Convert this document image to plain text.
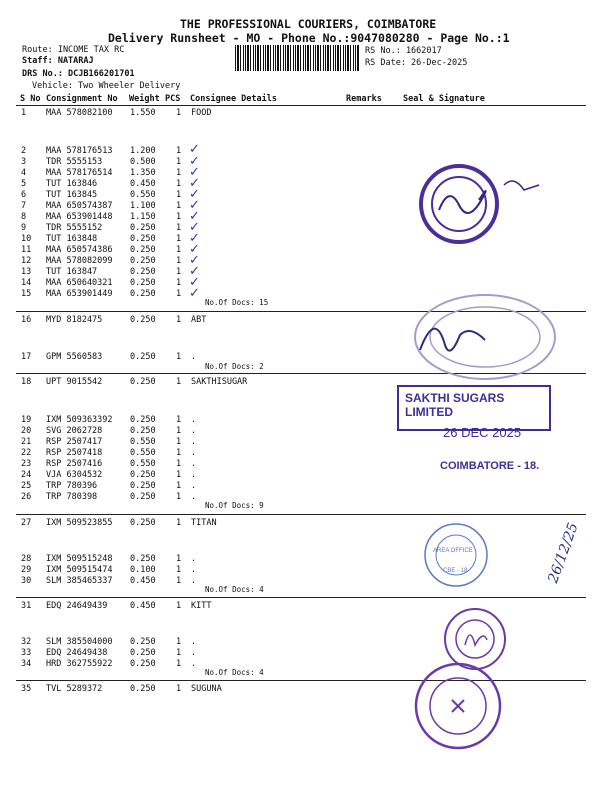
THE PROFESSIONAL COURIERS, COIMBATORE
Delivery Runsheet - MO - Phone No.:9047080280 - Page No.:1
Route: INCOME TAX RC
Staff: NATARAJ
DRS No.: DCJB166201701
Vehicle: Two Wheeler Delivery
RS No.: 1662017
RS Date: 26-Dec-2025
S No Consignment No Weight PCS Consignee Details	Remarks Seal & Signature
1 MAA 578082100 1.550 1 FOOD
2 MAA 578176513 1.200 1
3 TDR 5555153	0.500 1
4 MAA 578176514 1.350 1
5 TUT 163846	0.450 1
6 TUT 163845	0.550 1
7 MAA 650574387 1.100 1
8 MAA 653901448 1.150 1
9 TDR 5555152	0.250 1
10 TUT 163848	0.250 1
11 MAA 650574386 0.250 1
12 MAA 578082099 0.250 1
13 TUT 163847	0.250 1
14 MAA 650640321 0.250 1
15 MAA 653901449 0.250 1
16 MYD 8182475	0.250 1 ABT
17 GPM 5560583	0.250 1 .
18 UPT 9015542	0.250 1 SAKTHISUGAR
19 IXM 509363392 0.250 1 .
20 SVG 2062728	0.250 1 .
21 RSP 2507417	0.550 1 .
22 RSP 2507418	0.550 1 .
23 RSP 2507416	0.550 1 .
24 VJA 6304532	0.250 1 .
25 TRP 780396	0.250 1 .
26 TRP 780398	0.250 1 .
27 IXM 509523855 0.250 1 TITAN
28 IXM 509515248 0.250 1 .
29 IXM 509515474 0.100 1 .
30 SLM 385465337 0.450 1 .
31 EDQ 24649439	0.450 1 KITT
32 SLM 385504000 0.250 1 .
33 EDQ 24649438	0.250 1 .
34 HRD 362755922 0.250 1 .
35 TVL 5289372	0.250 1 SUGUNA
No.Of Docs: 15
No.Of Docs: 2
No.Of Docs: 9
No.Of Docs: 4
No.Of Docs: 4
✓
✓
✓
✓
✓
✓
✓
✓
✓
✓
✓
✓
✓
✓
SAKTHI SUGARS LIMITED
26 DEC 2025
COIMBATORE - 18.
AREA OFFICE
CBE - 18	26/12/25
